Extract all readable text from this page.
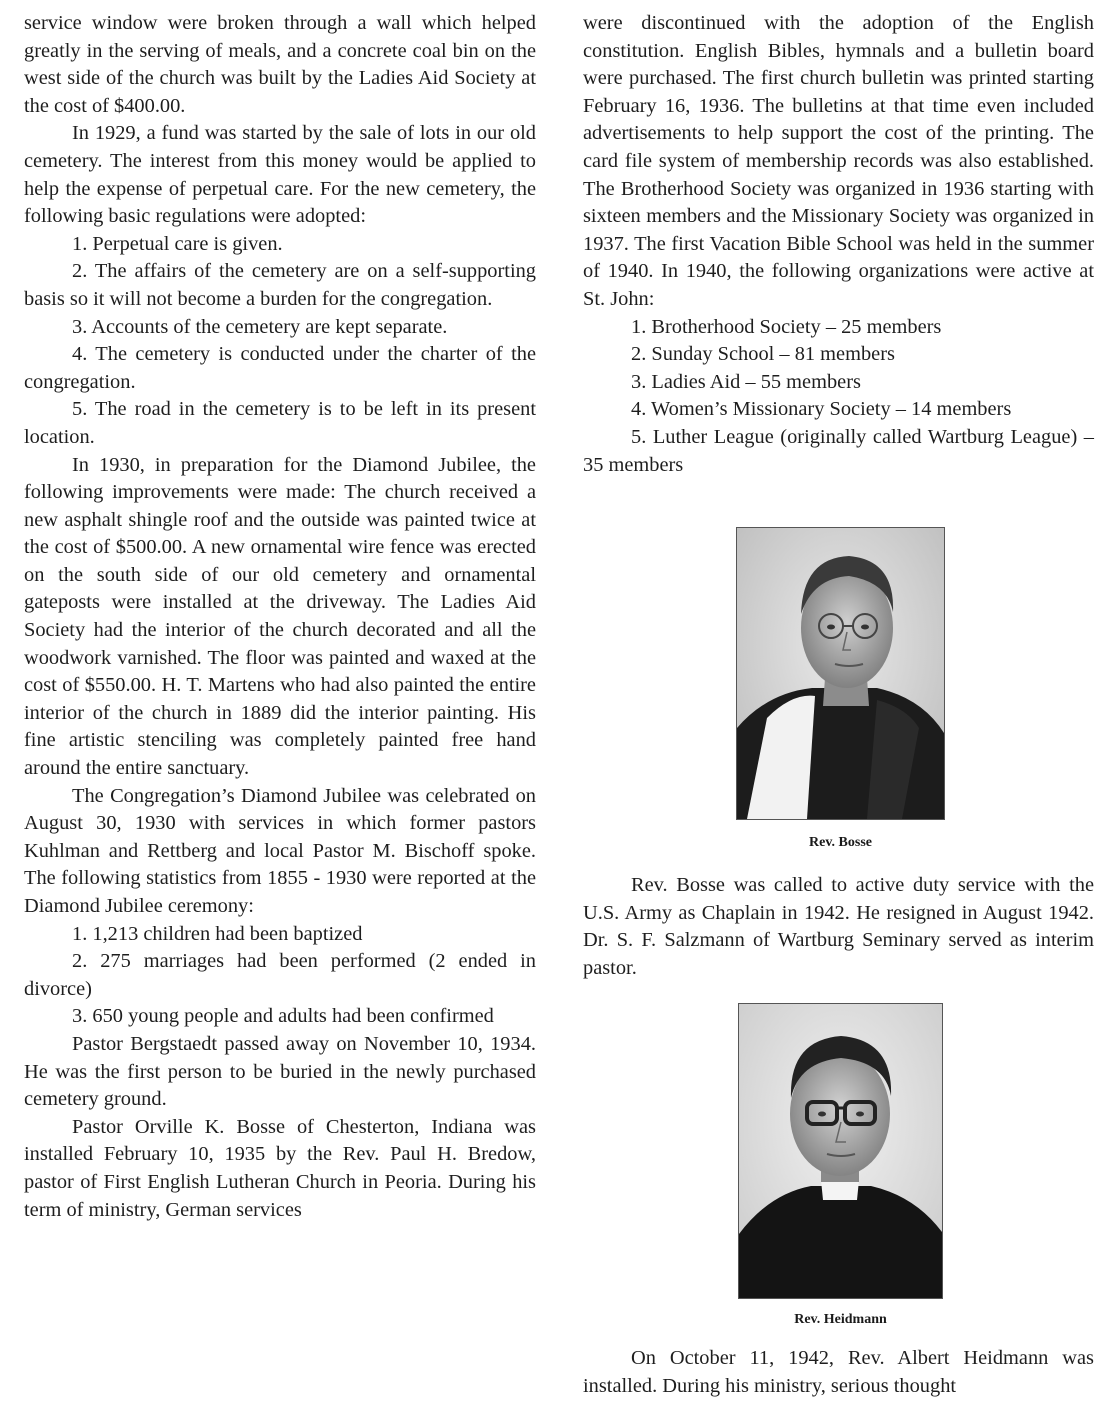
service window were broken through a wall which helped greatly in the serving of meals, and a concrete coal bin on the west side of the church was built by the Ladies Aid Society at the cost of $400.00.

In 1929, a fund was started by the sale of lots in our old cemetery. The interest from this money would be applied to help the expense of perpetual care. For the new cemetery, the following basic regulations were adopted:

1. Perpetual care is given.

2. The affairs of the cemetery are on a self-supporting basis so it will not become a burden for the congregation.

3. Accounts of the cemetery are kept separate.

4. The cemetery is conducted under the charter of the congregation.

5. The road in the cemetery is to be left in its present location.

In 1930, in preparation for the Diamond Jubilee, the following improvements were made: The church received a new asphalt shingle roof and the outside was painted twice at the cost of $500.00. A new ornamental wire fence was erected on the south side of our old cemetery and ornamental gateposts were installed at the driveway. The Ladies Aid Society had the interior of the church decorated and all the woodwork varnished. The floor was painted and waxed at the cost of $550.00. H. T. Martens who had also painted the entire interior of the church in 1889 did the interior painting. His fine artistic stenciling was completely painted free hand around the entire sanctuary.

The Congregation’s Diamond Jubilee was celebrated on August 30, 1930 with services in which former pastors Kuhlman and Rettberg and local Pastor M. Bischoff spoke. The following statistics from 1855 - 1930 were reported at the Diamond Jubilee ceremony:

1. 1,213 children had been baptized

2. 275 marriages had been performed (2 ended in divorce)

3. 650 young people and adults had been confirmed

Pastor Bergstaedt passed away on November 10, 1934. He was the first person to be buried in the newly purchased cemetery ground.

Pastor Orville K. Bosse of Chesterton, Indiana was installed February 10, 1935 by the Rev. Paul H. Bredow, pastor of First English Lutheran Church in Peoria. During his term of ministry, German services

were discontinued with the adoption of the English constitution. English Bibles, hymnals and a bulletin board were purchased. The first church bulletin was printed starting February 16, 1936. The bulletins at that time even included advertisements to help support the cost of the printing. The card file system of membership records was also established. The Brotherhood Society was organized in 1936 starting with sixteen members and the Missionary Society was organized in 1937. The first Vacation Bible School was held in the summer of 1940. In 1940, the following organizations were active at St. John:

1. Brotherhood Society – 25 members

2. Sunday School – 81 members

3. Ladies Aid – 55 members

4. Women’s Missionary Society – 14 members

5. Luther League (originally called Wartburg League) – 35 members

Rev. Bosse

Rev. Bosse was called to active duty service with the U.S. Army as Chaplain in 1942. He resigned in August 1942. Dr. S. F. Salzmann of Wartburg Seminary served as interim pastor.

Rev. Heidmann

On October 11, 1942, Rev. Albert Heidmann was installed. During his ministry, serious thought
